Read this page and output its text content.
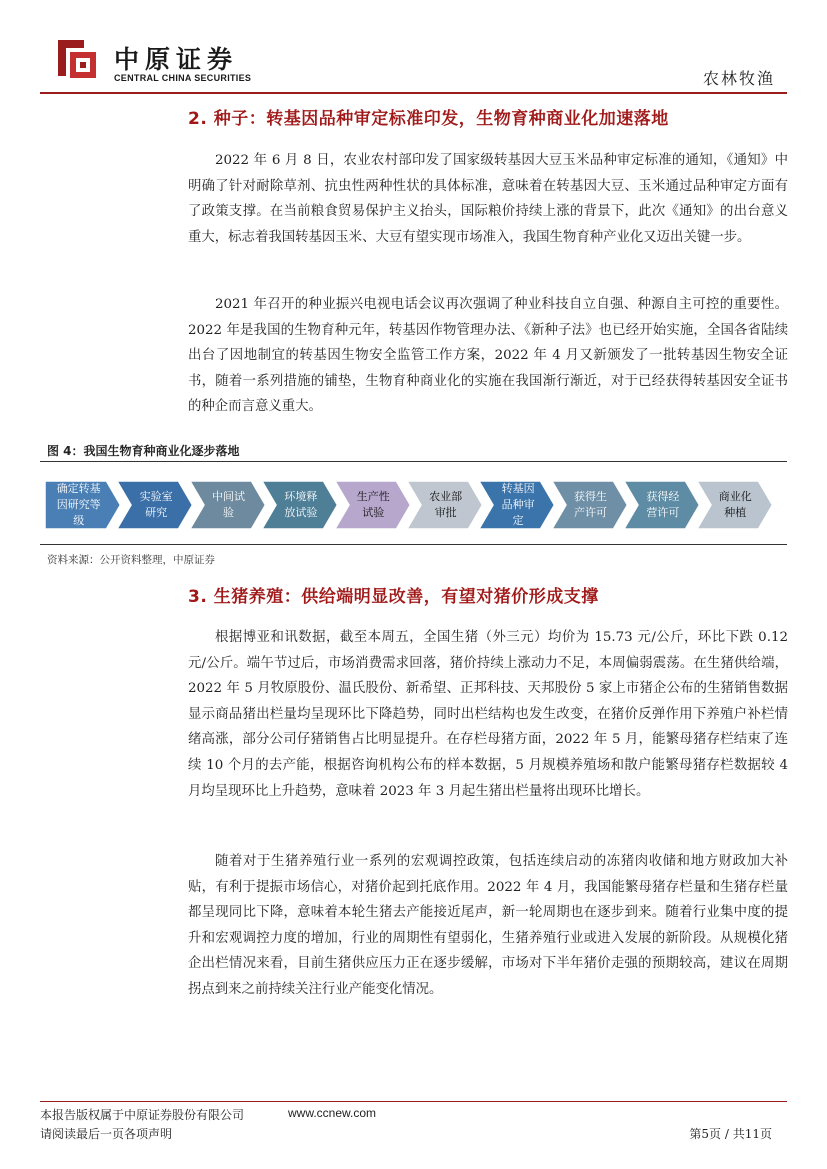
中原证券
CENTRAL CHINA SECURITIES	农林牧渔
2. 种子：转基因品种审定标准印发，生物育种商业化加速落地

2022 年 6 月 8 日，农业农村部印发了国家级转基因大豆玉米品种审定标准的通知，《通知》中明确了针对耐除草剂、抗虫性两种性状的具体标准，意味着在转基因大豆、玉米通过品种审定方面有了政策支撑。在当前粮食贸易保护主义抬头，国际粮价持续上涨的背景下，此次《通知》的出台意义重大，标志着我国转基因玉米、大豆有望实现市场准入，我国生物育种产业化又迈出关键一步。

2021 年召开的种业振兴电视电话会议再次强调了种业科技自立自强、种源自主可控的重要性。2022 年是我国的生物育种元年，转基因作物管理办法、《新种子法》也已经开始实施，全国各省陆续出台了因地制宜的转基因生物安全监管工作方案，2022 年 4 月又新颁发了一批转基因生物安全证书，随着一系列措施的铺垫，生物育种商业化的实施在我国渐行渐近，对于已经获得转基因安全证书的种企而言意义重大。

图 4：我国生物育种商业化逐步落地
确定转基因研究等级
实验室研究
中间试验
环境释放试验
生产性试验
农业部审批
转基因品种审定
获得生产许可
获得经营许可
商业化种植
资料来源：公开资料整理，中原证券
3. 生猪养殖：供给端明显改善，有望对猪价形成支撑

根据博亚和讯数据，截至本周五，全国生猪（外三元）均价为 15.73 元/公斤，环比下跌 0.12 元/公斤。端午节过后，市场消费需求回落，猪价持续上涨动力不足，本周偏弱震荡。在生猪供给端，2022 年 5 月牧原股份、温氏股份、新希望、正邦科技、天邦股份 5 家上市猪企公布的生猪销售数据显示商品猪出栏量均呈现环比下降趋势，同时出栏结构也发生改变，在猪价反弹作用下养殖户补栏情绪高涨，部分公司仔猪销售占比明显提升。在存栏母猪方面，2022 年 5 月，能繁母猪存栏结束了连续 10 个月的去产能，根据咨询机构公布的样本数据，5 月规模养殖场和散户能繁母猪存栏数据较 4 月均呈现环比上升趋势，意味着 2023 年 3 月起生猪出栏量将出现环比增长。

随着对于生猪养殖行业一系列的宏观调控政策，包括连续启动的冻猪肉收储和地方财政加大补贴，有利于提振市场信心，对猪价起到托底作用。2022 年 4 月，我国能繁母猪存栏量和生猪存栏量都呈现同比下降，意味着本轮生猪去产能接近尾声，新一轮周期也在逐步到来。随着行业集中度的提升和宏观调控力度的增加，行业的周期性有望弱化，生猪养殖行业或进入发展的新阶段。从规模化猪企出栏情况来看，目前生猪供应压力正在逐步缓解，市场对下半年猪价走强的预期较高，建议在周期拐点到来之前持续关注行业产能变化情况。

本报告版权属于中原证券股份有限公司	www.ccnew.com
请阅读最后一页各项声明	第5页 / 共11页
